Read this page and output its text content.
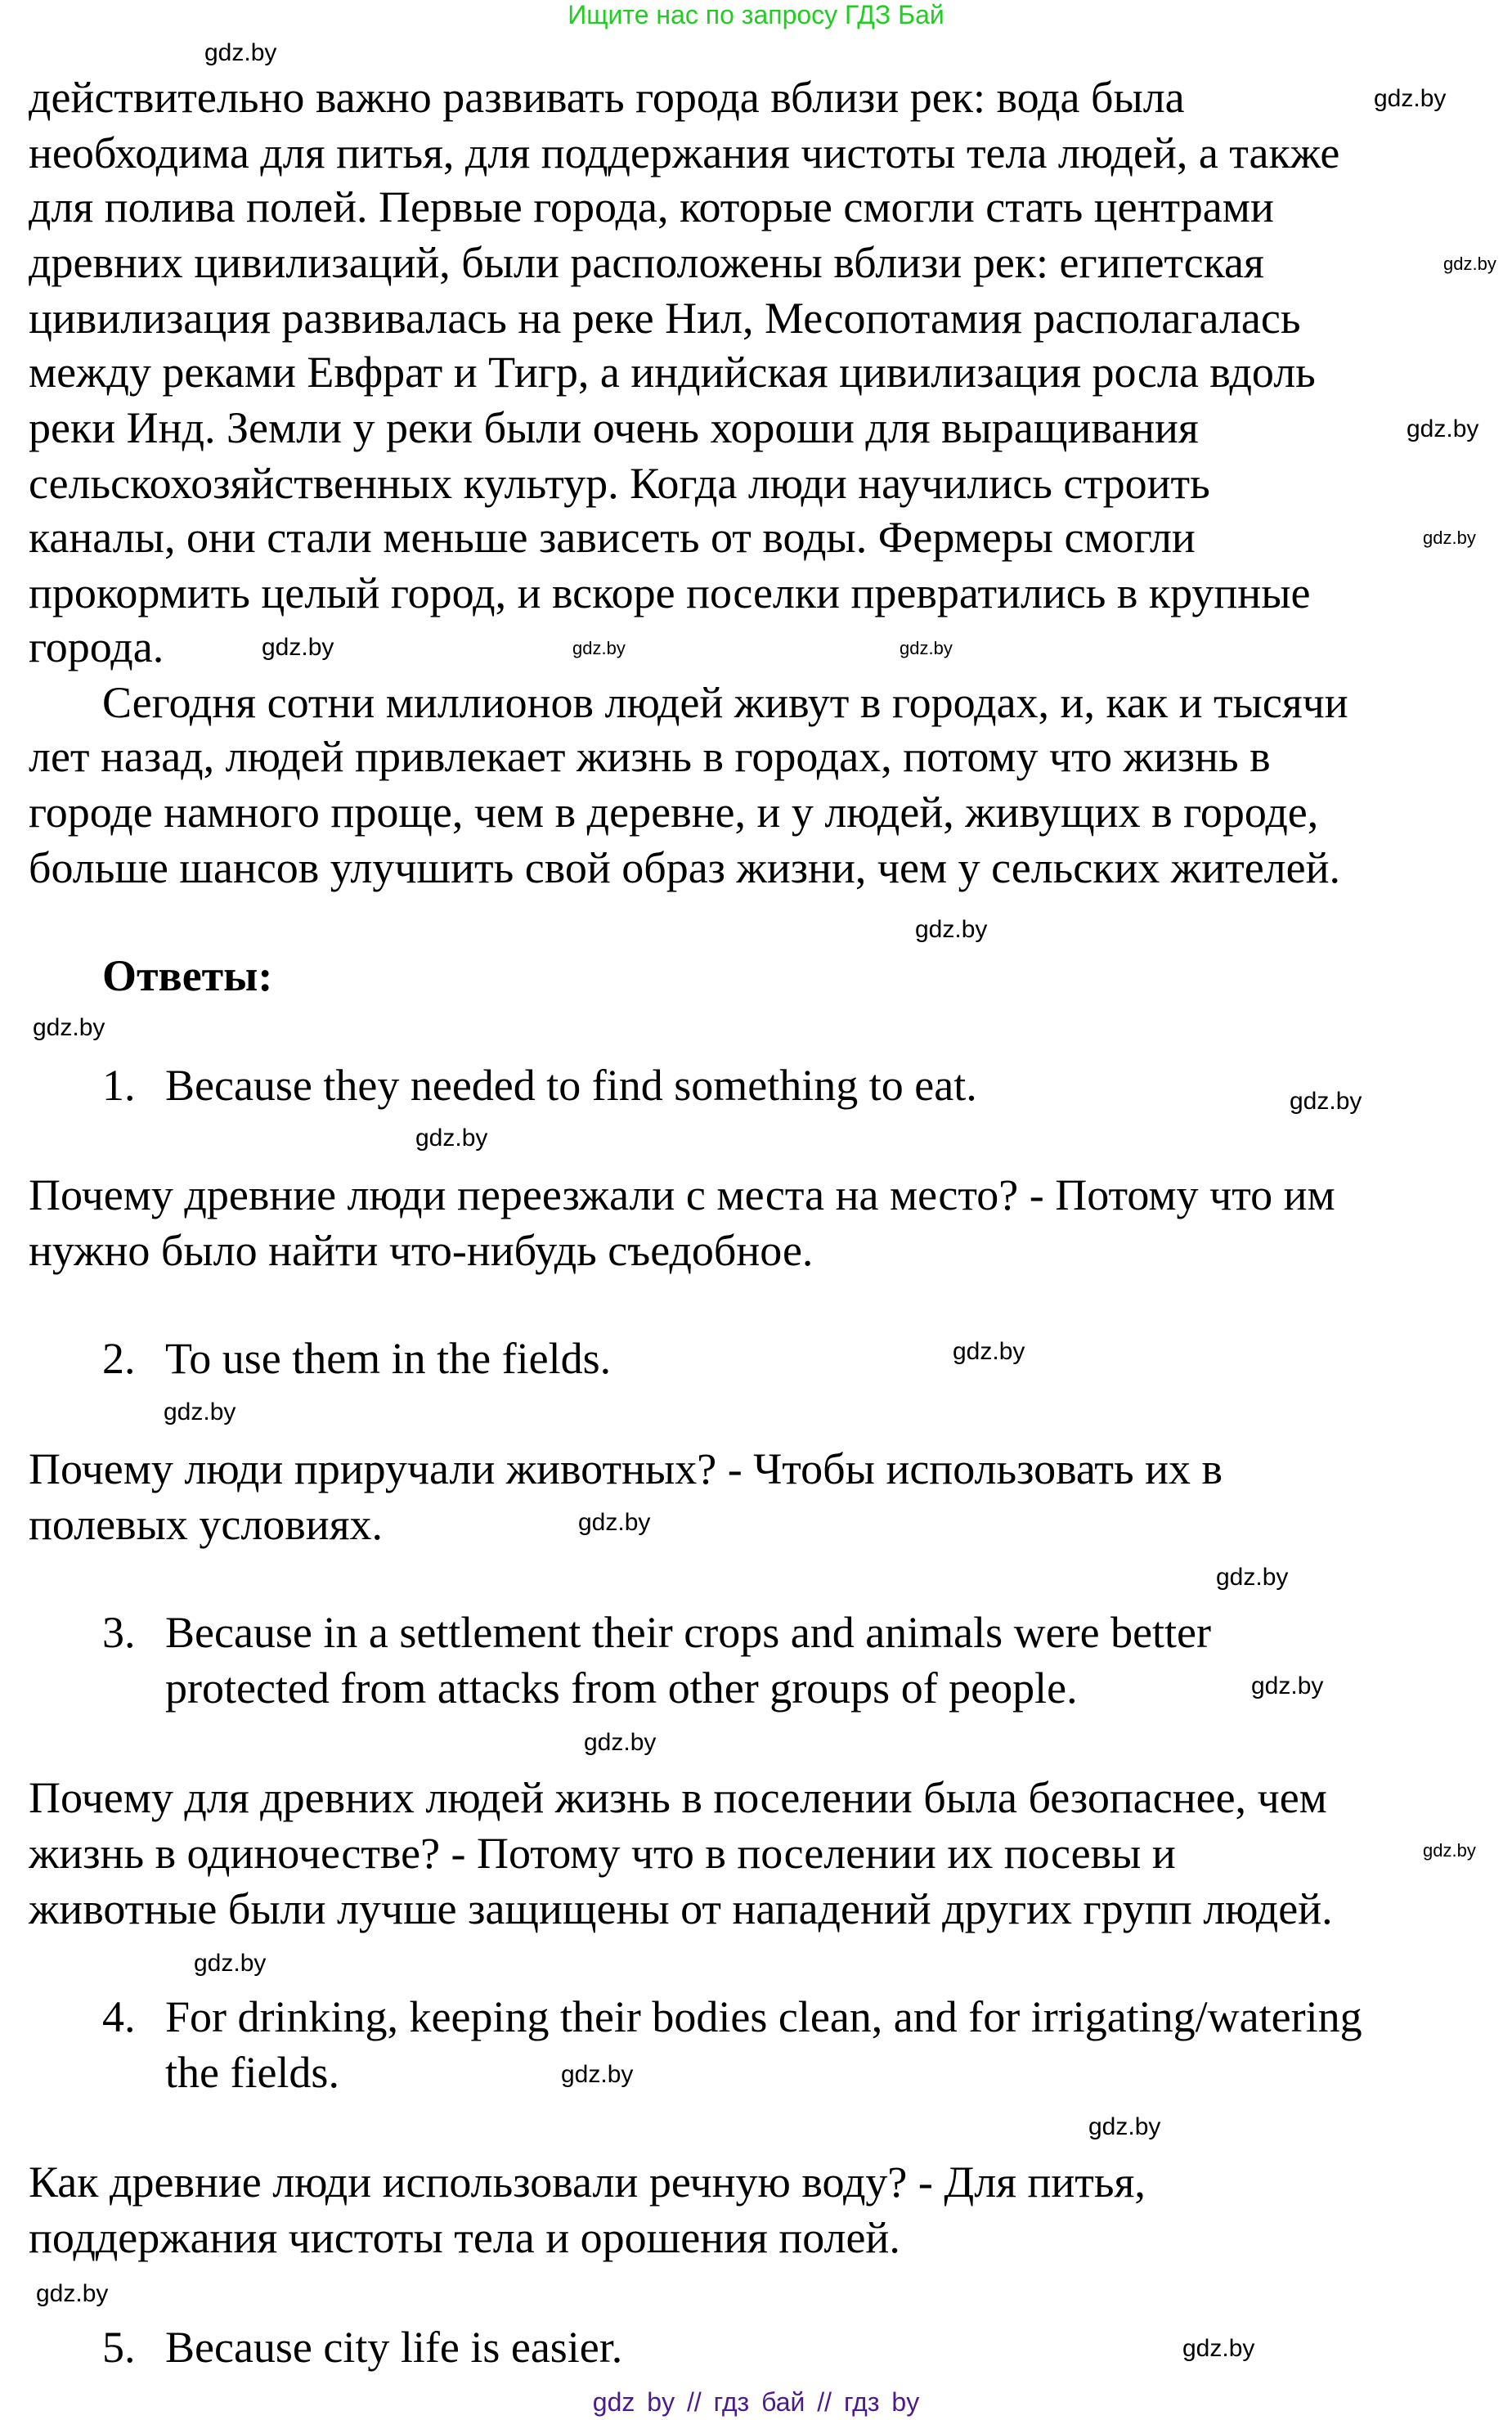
Ищите нас по запросу ГДЗ Бай
gdz.by
gdz.by
gdz.by
gdz.by
gdz.by
gdz.by	gdz.by
gdz.by
gdz.by
gdz.by
gdz.by
gdz.by
gdz.by
gdz.by
gdz.by
gdz.by
gdz.by
gdz.by
gdz.by
gdz.by
gdz.by
gdz.by
gdz.by
gdz.by
действительно важно развивать города вблизи рек: вода была
необходима для питья, для поддержания чистоты тела людей, а также
для полива полей. Первые города, которые смогли стать центрами
древних цивилизаций, были расположены вблизи рек: египетская
цивилизация развивалась на реке Нил, Месопотамия располагалась
между реками Евфрат и Тигр, а индийская цивилизация росла вдоль
реки Инд. Земли у реки были очень хороши для выращивания
сельскохозяйственных культур. Когда люди научились строить
каналы, они стали меньше зависеть от воды. Фермеры смогли
прокормить целый город, и вскоре поселки превратились в крупные
города.
Сегодня сотни миллионов людей живут в городах, и, как и тысячи
лет назад, людей привлекает жизнь в городах, потому что жизнь в
городе намного проще, чем в деревне, и у людей, живущих в городе,
больше шансов улучшить свой образ жизни, чем у сельских жителей.
Ответы:
1. Because they needed to find something to eat.
Почему древние люди переезжали с места на место? - Потому что им
нужно было найти что-нибудь съедобное.
2. To use them in the fields.
Почему люди приручали животных? - Чтобы использовать их в
полевых условиях.
3. Because in a settlement their crops and animals were better
protected from attacks from other groups of people.
Почему для древних людей жизнь в поселении была безопаснее, чем
жизнь в одиночестве? - Потому что в поселении их посевы и
животные были лучше защищены от нападений других групп людей.
4. For drinking, keeping their bodies clean, and for irrigating/watering
the fields.
Как древние люди использовали речную воду? - Для питья,
поддержания чистоты тела и орошения полей.
5. Because city life is easier.
gdz by // гдз бай // гдз by
